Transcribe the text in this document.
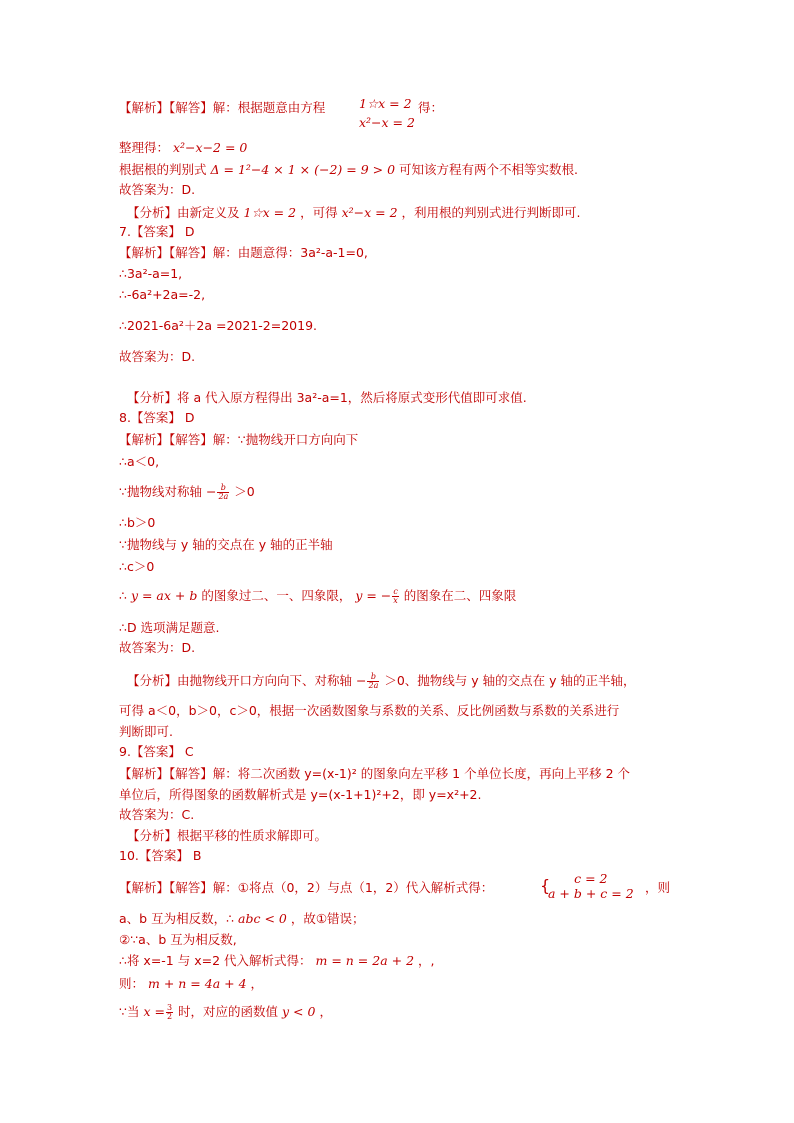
【解析】【解答】解：根据题意由方程	1☆x = 2
x²−x = 2
得：
整理得： x²−x−2 = 0
根据根的判别式 Δ = 1²−4 × 1 × (−2) = 9 > 0 可知该方程有两个不相等实数根.
故答案为：D.
【分析】由新定义及 1☆x = 2 ，可得 x²−x = 2 ，利用根的判别式进行判断即可.
7.【答案】 D
【解析】【解答】解：由题意得：3a²-a-1=0,
∴3a²-a=1,
∴-6a²+2a=-2,
∴2021-6a²＋2a =2021-2=2019.
故答案为：D.
【分析】将 a 代入原方程得出 3a²-a=1，然后将原式变形代值即可求值.
8.【答案】 D
【解析】【解答】解：∵抛物线开口方向向下
∴a＜0,
∵抛物线对称轴 − $\frac{b}{2a} >0$
∴b＞0
∵抛物线与 y 轴的交点在 y 轴的正半轴
∴c＞0
∴ y = ax + b 的图象过二、一、四象限， y = − $\frac{c}{x}$ 的图象在二、四象限
∴D 选项满足题意.
故答案为：D.
【分析】由抛物线开口方向向下、对称轴 − $\frac{b}{2a} >0$、抛物线与 y 轴的交点在 y 轴的正半轴，
可得 a＜0，b＞0，c＞0，根据一次函数图象与系数的关系、反比例函数与系数的关系进行
判断即可.
9.【答案】 C
【解析】【解答】解：将二次函数 y=(x-1)² 的图象向左平移 1 个单位长度，再向上平移 2 个
单位后，所得图象的函数解析式是 y=(x-1+1)²+2，即 y=x²+2.
故答案为：C.
【分析】根据平移的性质求解即可。
10.【答案】 B
【解析】【解答】解：①将点（0，2）与点（1，2）代入解析式得：	{	c = 2
a + b + c = 2 ，则
a、b 互为相反数，∴ abc < 0 ，故①错误；
②∵a、b 互为相反数,
∴将 x=-1 与 x=2 代入解析式得： m = n = 2a + 2 ，,
则： m + n = 4a + 4 ，
∵当 $x = \frac{3}{2}$ 时，对应的函数值 y < 0 ，
